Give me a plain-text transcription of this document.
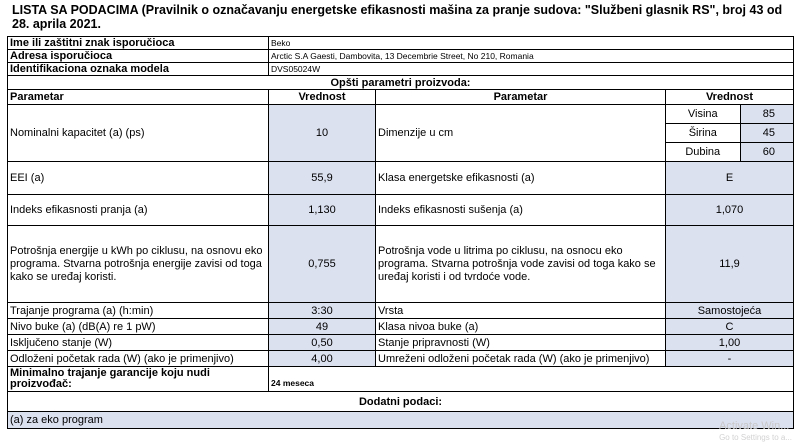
LISTA SA PODACIMA (Pravilnik o označavanju energetske efikasnosti mašina za pranje sudova: "Službeni glasnik RS", broj 43 od 28. aprila 2021.
Ime ili zaštitni znak isporučioca	Beko
Adresa isporučioca	Arctic S.A Gaesti, Dambovita, 13 Decembrie Street, No 210, Romania
Identifikaciona oznaka modela	DVS05024W
Opšti parametri proizvoda:
Parametar	Vrednost	Parametar	Vrednost
Nominalni kapacitet (a) (ps)	10	Dimenzije u cm	
Visina	85
Širina	45
Dubina	60

EEI (a)	55,9	Klasa energetske efikasnosti (a)	E
Indeks efikasnosti pranja (a)	1,130	Indeks efikasnosti sušenja (a)	1,070
Potrošnja energije u kWh po ciklusu, na osnovu eko programa. Stvarna potrošnja energije zavisi od toga kako se uređaj koristi.	0,755	Potrošnja vode u litrima po ciklusu, na osnocu eko programa. Stvarna potrošnja vode zavisi od toga kako se uređaj koristi i od tvrdoće vode.	11,9
Trajanje programa (a) (h:min)	3:30	Vrsta	Samostojeća
Nivo buke (a) (dB(A) re 1 pW)	49	Klasa nivoa buke (a)	C
Isključeno stanje (W)	0,50	Stanje pripravnosti (W)	1,00
Odloženi početak rada (W) (ako je primenjivo)	4,00	Umreženi odloženi početak rada (W) (ako je primenjivo)	-
Minimalno trajanje garancije koju nudi proizvođač:	24 meseca
Dodatni podaci:
(a) za eko program	Activate Win...
Go to Settings to a...
